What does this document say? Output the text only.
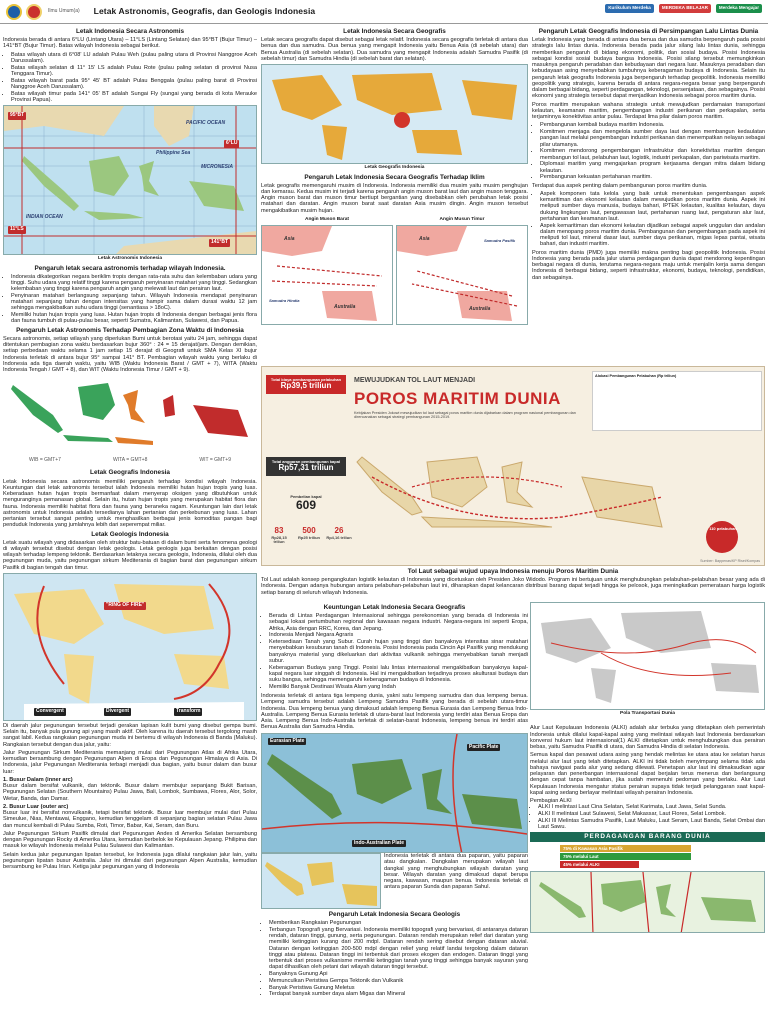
Ilmu Umum(a) Letak Astronomis, Geografis, dan Geologis Indonesia	Kurikulum Merdeka	MERDEKA BELAJAR	Merdeka Mengajar
Letak Indonesia Secara Astronomis

Indonesia berada di antara 6°LU (Lintang Utara) – 11°LS (Lintang Selatan) dan 95°BT (Bujur Timur) – 141°BT (Bujur Timur). Batas wilayah Indonesia sebagai berikut.

• Batas wilayah utara di 6°08' LU adalah Pulau Weh (pulau paling utara di Provinsi Nanggroe Aceh Darussalam).
• Batas wilayah selatan di 11° 15' LS adalah Pulau Rote (pulau paling selatan di provinsi Nusa Tenggara Timur).
• Batas wilayah barat pada 95° 45' BT adalah Pulau Benggala (pulau paling barat di Provinsi Nanggroe Aceh Darussalam).
• Batas wilayah timur pada 141° 05' BT adalah Sungai Fly (sungai yang berada di kota Merauke Provinsi Papua).
95°BT
6°LU
11°LS
141°BT
PACIFIC OCEAN
MICRONESIA
Philippine Sea
INDIAN OCEAN
Letak Astronomis Indonesia
Pengaruh letak secara astronomis terhadap wilayah Indonesia.
• Indonesia dikategorikan negara beriklim tropis dengan rata-rata suhu dan kelembaban udara yang tinggi. Suhu udara yang relatif tinggi karena pengaruh penyinaran matahari yang tinggi. Sedangkan kelembaban yang tinggi karena pengaruh angin yang melewati laut dan perairan laut.
• Penyinaran matahari berlangsung sepanjang tahun. Wilayah Indonesia mendapat penyinaran matahari sepanjang tahun dengan intensitas yang hampir sama dalam durasi waktu 12 jam sehingga mengakibatkan suhu udara tinggi (senantiasa > 18oC).
• Memiliki hutan hujan tropis yang luas. Hutan hujan tropis di Indonesia dengan berbagai jenis flora dan fauna tumbuh di pulau-pulau besar, seperti Sumatra, Kalimantan, Sulawesi, dan Papua.
Pengaruh Letak Astronomis Terhadap Pembagian Zona Waktu di Indonesia

Secara astronomis, setiap wilayah yang diperlukan Bumi untuk berotasi yaitu 24 jam, sehingga dapat ditentukan pembagian zona waktu berdasarkan bujur 360° : 24 = 15 derajat/jam. Dengan demikian, setiap perbedaan waktu selama 1 jam setiap 15 derajat di Geografi untuk SMA Kelas XI bujur Indonesia terletak di antara bujur 95° sampai 141° BT. Pembagian wilayah waktu yang berlaku di Indonesia ada tiga daerah waktu, yaitu WIB (Waktu Indonesia Barat / GMT + 7), WITA (Waktu Indonesia Tengah / GMT + 8), dan WIT (Waktu Indonesia Timur / GMT + 9).

WIB = GMT+7	WITA = GMT+8	WIT = GMT+9
Letak Geografis Indonesia

Letak Indonesia secara astronomis memiliki pengaruh terhadap kondisi wilayah Indonesia. Keuntungan dari letak astronomis tersebut ialah Indonesia memiliki hutan hujan tropis yang luas. Keberadaan hutan hujan tropis bermanfaat dalam menyerap oksigen yang dibutuhkan untuk menguranginya pemanasan global. Selain itu, hutan hujan tropis yang merupakan habitat flora dan fauna. Indonesia memiliki habitat flora dan fauna yang beraneka ragam. Keuntungan lain dari letak astronomis untuk Indonesia adalah tersedianya lahan pertanian dan perkebunan yang luas. Lahan pertanian tersebut sangat penting untuk menghasilkan berbagai jenis komoditas pangan bagi penduduk Indonesia yang jumlahnya lebih dari seperempat miliar.

Letak Geologis Indonesia

Letak suatu wilayah yang didasarkan oleh struktur batu-batuan di dalam bumi serta fenomena geologi di wilayah tersebut disebut dengan letak geologis. Letak geologis juga berkaitan dengan posisi wilayah terhadap lempeng tektonik. Berdasarkan letaknya secara geologis, Indonesia, dilalui oleh dua pegunungan muda, yaitu pegunungan sirkum Mediterania di bagian barat dan pegunungan sirkum Pasifik di bagian tengah dan timur.

"RING OF FIRE"
Convergent	Divergent	Transform

Di daerah jalur pegunungan tersebut terjadi gerakan lapisan kulit bumi yang disebut gempa bumi. Selain itu, banyak pula gunung api yang masih aktif. Oleh karena itu daerah tersebut tergolong masih sangat labil. Kedua rangkaian pegunungan muda ini bertemu di wilayah Indonesia di Banda (Maluku). Rangkaian tersebut dengan dua jalur, yaitu:

Jalur Pegunungan Sirkum Mediterania memanjang mulai dari Pegunungan Atlas di Afrika Utara, kemudian bersambung dengan Pegunungan Alpen di Eropa dan Pegunungan Himalaya di Asia. Di Indonesia, jalur Pegunungan Mediterania terbagi menjadi dua bagian, yaitu busur dalam dan busur luar:

1. Busur Dalam (inner arc)

Busur dalam bersifat vulkanik, dan tektonik. Busur dalam membujur sepanjang Bukit Barisan, Pegunungan Selatan (Southern Mountains) Pulau Jawa, Bali, Lombok, Sumbawa, Flores, Alor, Solor, Wetar, Banda, dan Damar.

2. Busur Luar (outer arc)

Busur luar ini bersifat nonvulkanik, tetapi bersifat tektonik. Busur luar membujur mulai dari Pulau Simeulue, Nias, Mentawai, Enggano, kemudian tenggelam di sepanjang bagian selatan Pulau Jawa dan muncul kembali di Pulau Sumba, Roti, Timor, Babar, Kai, Seram, dan Buru.

Jalur Pegunungan Sirkum Pasifik dimulai dari Pegunungan Andes di Amerika Selatan bersambung dengan Pegunungan Rocky di Amerika Utara, kemudian berbelok ke Kepulauan Jepang. Philipina dan masuk ke wilayah Indonesia melalui Pulau Sulawesi dan Kalimantan.

Selain kedua jalur pegunungan lipatan tersebut, ke Indonesia juga dilalui rangkaian jalur lain, yaitu pegunungan lipatan busur Australia. Jalur ini dimulai dari pegunungan Alpen Australia, kemudian bersambung ke Pulau Irian. Ketiga jalur pegunungan yang di Indonesia

Letak Indonesia Secara Geografis

Letak secara geografis dapat disebut sebagai letak relatif. Indonesia secara geografis terletak di antara dua benua dan dua samudra. Dua benua yang mengapit Indonesia yaitu Benua Asia (di sebelah utara) dan Benua Australia (di sebelah selatan). Dua samudra yang mengapit Indonesia adalah Samudra Pasifik (di sebelah timur) dan Samudra Hindia (di sebelah barat dan selatan).

Letak Geografis Indonesia
Pengaruh Letak Indonesia Secara Geografis Terhadap Iklim

Letak geografis memengaruhi musim di Indonesia. Indonesia memiliki dua musim yaitu musim penghujan dan kemarau. Kedua musim ini terjadi karena pengaruh angin muson barat laut dan angin muson tenggara. Angin muson barat dan muson timur bertiupt bergantian yang disebabkan oleh perubahan letak posisi matahari dan daratan. Angin muson barat saat daratan Asia musim dingin. Angin muson tersebut mengakibatkan musim hujan.

Angin Muson Barat
Asia
Australia
Samudra Hindia
Angin Musun Timur
Asia
Australia
Samudra Pasifik
MEWUJUDKAN TOL LAUT MENJADI
POROS MARITIM DUNIA
Kebijakan Presiden Jokowi mewujudkan tol laut sebagai poros maritim dunia dijabarkan dalam program nasional pembangunan dan direncanakan sebagai strategi pembangunan 2015-2019.
Total biaya pembangunan pelabuhan
Rp39,5 triliun
Total anggaran pembangunan kapal
Rp57,31 triliun
Pembelian kapal
609
83
Rp28,15 triliun
500
Rp25 triliun
26
Rp4,16 triliun
Alokasi Pembangunan Pelabuhan (Rp triliun)
110 pelabuhan
Sumber: Bappenas/KP Riset/Kompas
Tol Laut sebagai wujud upaya Indonesia menuju Poros Maritim Dunia

Tol Laut adalah konsep pengangkutan logistik kelautan di Indonesia yang dicetuskan oleh Presiden Joko Widodo. Program ini bertujuan untuk menghubungkan pelabuhan-pelabuhan besar yang ada di Indonesia. Dengan adanya hubungan antara pelabuhan-pelabuhan laut ini, diharapkan dapat kelancaran distribusi barang dapat terjadi hingga ke pelosok, juga meningkatkan pemerataan harga logistik setiap barang di seluruh wilayah Indonesia.

Keuntungan Letak Indonesia Secara Geografis
• Berada di Lintas Perdagangan Internasional sehingga perekonomian yang berada di Indonesia ini sebagai lokasi pertumbuhan regional dan kawasan negara industri. Negara-negara ini seperti Eropa, Afrika, Asia dengan RRC, Korea, dan Jepang.
• Indonesia Menjadi Negara Agraris
• Ketersediaan Tanah yang Subur. Curah hujan yang tinggi dan banyaknya intensitas sinar matahari menyebabkan kesuburan tanah di Indonesia. Posisi Indonesia pada Cincin Api Pasifik yang mendukung banyaknya material yang dikeluarkan dari aktivitas vulkanik sehingga menyebabkan tanah menjadi subur.
• Keberagaman Budaya yang Tinggi. Posisi lalu lintas internasional mengakibatkan banyaknya kapal-kapal negara luar singgah di Indonesia. Hal ini mengakibatkan terjadinya proses akulturasi budaya dan suku bangsa, sehingga memengaruhi keberagaman budaya di Indonesia.
• Memiliki Banyak Destinasi Wisata Alam yang Indah

Indonesia terletak di antara tiga lempeng dunia, yakni satu lempeng samudra dan dua lempeng benua. Lempeng samudra tersebut adalah Lempeng Samudra Pasifik yang berada di sebelah utara-timur Indonesia. Dua lempeng benua yang dimaksud adalah lempeng Benua Eurasia dan Lempeng Benua Indo-Australia. Lempeng Benua Eurasia terletak di utara-barat laut Indonesia yang terdiri atas Benua Eropa dan Asia. Lempeng Benua Indo-Australia terletak di selatan-barat Indonesia, lempeng benua ini terdiri atas Benua Australia dan Samudra Hindia.

Eurasian Plate
Pacific Plate
Indo-Australian Plate
Pola Transportasi Dunia

Alur Laut Kepulauan Indonesia (ALKI) adalah alur terbuka yang ditetapkan oleh pemerintah Indonesia untuk dilalui kapal-kapal asing yang melintasi wilayah laut Indonesia berdasarkan konvensi hukum laut internasional(1) ALKI ditetapkan untuk menghubungkan dua perairan bebas, yaitu Samudra Pasifik di utara, dan Samudra Hindia di selatan Indonesia.

Semua kapal dan pesawat udara asing yang hendak melintas ke utara atau ke selatan harus melalui alur laut yang telah ditetapkan. ALKI ini tidak boleh menyimpang selama tidak ada bahaya navigasi pada alur yang sedang dilewati. Penetapan alur laut ini dimaksudkan agar pelayaran dan penerbangan internasional dapat berjalan terus menerus dan berlangsung dengan cepat tanpa hambatan, jika sudah memenuhi pedoman yang berlaku. Alur Laut Kepulauan Indonesia mengatur status perairan supaya tidak terjadi pelanggaran saat kapal-kapal asing sedang berlayar melintasi wilayah perairan Indonesia.

Pembagian ALKI
• ALKI I melintasi Laut Cina Selatan, Selat Karimata, Laut Jawa, Selat Sunda.
• ALKI II melintasi Laut Sulawesi, Selat Makassar, Laut Flores, Selat Lombok.
• ALKI III Melintas Samudra Pasifik, Laut Maluku, Laut Seram, Laut Banda, Selat Ombai dan Laut Sawu.
PERDAGANGAN BARANG DUNIA
75% di Kawasan Asia Pasifik
75% melalui Laut
45% melalui ALKI

Indonesia terletak di antara dua paparan, yaitu paparan atau dangkalan. Dangkalan merupakan wilayah laut dangkal yang menghubungkan wilayah daratan yang besar. Wilayah daratan yang dimaksud dapat berupa negara, kawasan, maupun benua. Indonesia terletak di antara paparan Sunda dan paparan Sahul.

Pengaruh Letak Indonesia Secara Geologis
• Memberikan Rangkaian Pegunungan
• Terbangun Topografi yang Bervariasi. Indonesia memiliki topografi yang bervariasi, di antaranya dataran rendah, dataran tinggi, gunung, serta pegunungan. Dataran rendah merupakan relief dari daratan yang memiliki ketinggian kurang dari 200 mdpl. Dataran rendah sering disebut dengan dataran aluvial. Dataran dengan ketinggian 200-500 mdpl dengan relief yang relatif landai tergolong dalam dataran tinggi atau plateau. Dataran tinggi ini terbentuk dari proses ekogen dan endogen. Dataran tinggi yang terbentuk dari proses vulkanisme memiliki ketinggian tanah yang tinggi sehingga banyak sayuran yang dapat dihasilkan oleh petani dari wilayah dataran tinggi tersebut.
• Banyaknya Gunung Api
• Memunculkan Peristiwa Gempa Tektonik dan Vulkanik
• Banyak Peristiwa Gunung Meletus
• Terdapat banyak sumber daya alam Migas dan Mineral
Pengaruh Letak Geografis Indonesia di Persimpangan Lalu Lintas Dunia

Letak Indonesia yang berada di antara dua benua dan dua samudra berpengaruh pada posisi strategis lalu lintas dunia. Indonesia berada pada jalur silang lalu lintas dunia, sehingga memberikan pengaruh di bidang ekonomi, politik, dan sosial budaya. Posisi Indonesia sebagai kondisi sosial budaya bangsa Indonesia. Posisi silang tersebut memungkinkan masuknya pengaruh peradaban dan kebudayaan dari negara luar. Masuknya peradaban dan kebudayaan asing menyebabkan tumbuhnya keberagaman budaya di Indonesia. Selain itu pengaruh letak geografis Indonesia juga berpengaruh terhadap geopolitik. Indonesia memiliki geopolitik yang strategis, karena berada di antara negara-negara besar yang berpengaruh dalam berbagai bidang, seperti perdagangan, teknologi, persenjataan, dan sebagainya. Posisi ekonomi yang strategis tersebut dapat menjadikan Indonesia sebagai poros maritim dunia.

Poros maritim merupakan wahana strategis untuk mewujudkan perdamaian transportasi kelautan, keamanan maritim, pengembangan industri perikanan dan perkapalan, serta terjaminnya konektivitas antar pulau. Terdapat lima pilar dalam poros maritim.

• Pembangunan kembali budaya maritim Indonesia.
• Komitmen menjaga dan mengelola sumber daya laut dengan membangun kedaulatan pangan laut melalui pengembangan industri perikanan dan menempatkan nelayan sebagai pilar utamanya.
• Komitmen mendorong pengembangan infrastruktur dan konektivitas maritim dengan membangun tol laut, pelabuhan laut, logistik, industri perkapalan, dan pariwisata maritim.
• Diplomasi maritim yang mengajarkan program kerjasama dengan mitra dalam bidang kelautan.
• Pembangunan kekuatan pertahanan maritim.

Terdapat dua aspek penting dalam pembangunan poros maritim dunia.

• Aspek komponen tata kelola yang baik untuk menentukan pengembangan aspek kemaritiman dan ekonomi kelautan dalam mewujudkan poros maritim dunia. Aspek ini meliputi sumber daya manusia, budaya bahari, IPTEK kelautan, kualitas kelautan, daya dukung lingkungan laut, pengawasan laut, pertahanan ruang laut, pengaturan alur laut, pertahanan dan keamanan laut.
• Aspek kemaritiman dan ekonomi kelautan dijadikan sebagai aspek unggulan dan andalan dalam menopang poros maritim dunia. Pembangunan dan pengembangan pada aspek ini meliputi tol laut, mineral dasar laut, sumber daya perikanan, migas lepas pantai, wisata bahari, dan industri maritim.

Poros maritim dunia (PMD) juga memiliki makna penting bagi geopolitik Indonesia. Posisi Indonesia yang berada pada jalur utama perdagangan dunia dapat mendorong kepentingan berbagai negara di dunia, terutama negara-negara maju untuk menjalin kerja sama dengan Indonesia di berbagai bidang, seperti infrastruktur, ekonomi, budaya, teknologi, pendidikan, dan sebagainya.
